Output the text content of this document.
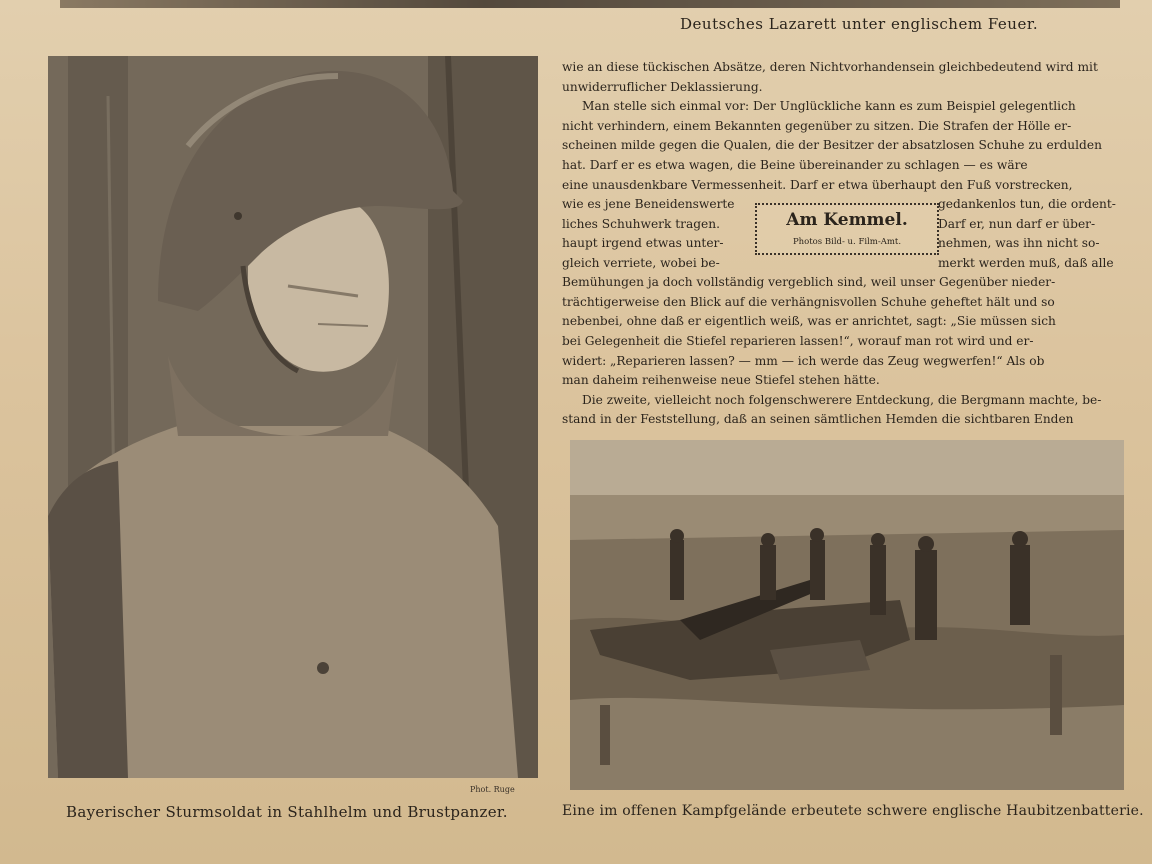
Deutsches Lazarett unter englischem Feuer.
Phot. Ruge
Bayerischer Sturmsoldat in Stahlhelm und Brustpanzer.

wie an diese tückischen Absätze, deren Nichtvorhandensein gleichbedeutend wird mit
unwiderruflicher Deklassierung.

Man stelle sich einmal vor: Der Unglückliche kann es zum Beispiel gelegentlich
nicht verhindern, einem Bekannten gegenüber zu sitzen. Die Strafen der Hölle er-
scheinen milde gegen die Qualen, die der Besitzer der absatzlosen Schuhe zu erdulden
hat. Darf er es etwa wagen, die Beine übereinander zu schlagen — es wäre
eine unausdenkbare Vermessenheit. Darf er etwa überhaupt den Fuß vorstrecken,

wie es jene Beneidenswerte
liches Schuhwerk tragen.
haupt irgend etwas unter-
gleich verriete, wobei be-
Am Kemmel.
Photos Bild- u. Film-Amt.
gedankenlos tun, die ordent-
Darf er, nun darf er über-
nehmen, was ihn nicht so-
merkt werden muß, daß alle

Bemühungen ja doch vollständig vergeblich sind, weil unser Gegenüber nieder-
trächtigerweise den Blick auf die verhängnisvollen Schuhe geheftet hält und so
nebenbei, ohne daß er eigentlich weiß, was er anrichtet, sagt: „Sie müssen sich
bei Gelegenheit die Stiefel reparieren lassen!“, worauf man rot wird und er-
widert: „Reparieren lassen? — mm — ich werde das Zeug wegwerfen!“ Als ob
man daheim reihenweise neue Stiefel stehen hätte.

Die zweite, vielleicht noch folgenschwerere Entdeckung, die Bergmann machte, be-
stand in der Feststellung, daß an seinen sämtlichen Hemden die sichtbaren Enden

Eine im offenen Kampfgelände erbeutete schwere englische Haubitzenbatterie.
